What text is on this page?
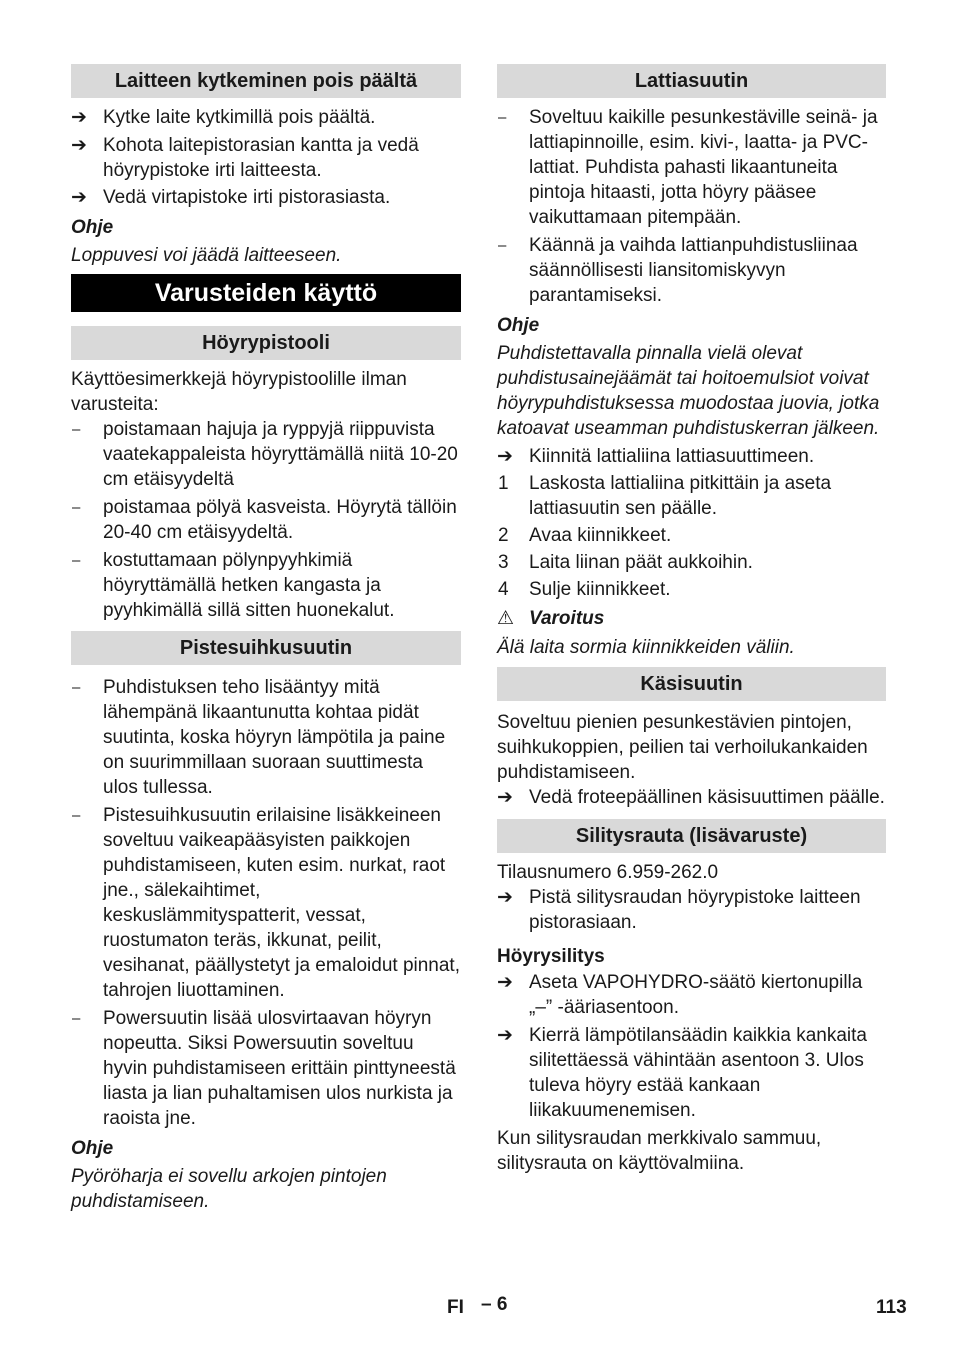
Laitteen kytkeminen pois päältä
➔ Kytke laite kytkimillä pois päältä.
➔ Kohota laitepistorasian kantta ja vedä höyrypistoke irti laitteesta.
➔ Vedä virtapistoke irti pistorasiasta.
Ohje
Loppuvesi voi jäädä laitteeseen.
Varusteiden käyttö
Höyrypistooli
Käyttöesimerkkejä höyrypistoolille ilman varusteita:
–	poistamaan hajuja ja ryppyjä riippuvista vaatekappaleista höyryttämällä niitä 10-20 cm etäisyydeltä
–	poistamaa pölyä kasveista. Höyrytä tällöin 20-40 cm etäisyydeltä.
–	kostuttamaan pölynpyyhkimiä höyryttämällä hetken kangasta ja pyyhkimällä sillä sitten huonekalut.
Pistesuihkusuutin
–	Puhdistuksen teho lisääntyy mitä lähempänä likaantunutta kohtaa pidät suutinta, koska höyryn lämpötila ja paine on suurimmillaan suoraan suuttimesta ulos tullessa.
–	Pistesuihkusuutin erilaisine lisäkkeineen soveltuu vaikeapääsyisten paikkojen puhdistamiseen, kuten esim. nurkat, raot jne., sälekaihtimet, keskuslämmityspatterit, vessat, ruostumaton teräs, ikkunat, peilit, vesihanat, päällystetyt ja emaloidut pinnat, tahrojen liuottaminen.
–	Powersuutin lisää ulosvirtaavan höyryn nopeutta. Siksi Powersuutin soveltuu hyvin puhdistamiseen erittäin pinttyneestä liasta ja lian puhaltamisen ulos nurkista ja raoista jne.
Ohje
Pyöröharja ei sovellu arkojen pintojen puhdistamiseen.
Lattiasuutin
–	Soveltuu kaikille pesunkestäville seinä- ja lattiapinnoille, esim. kivi-, laatta- ja PVC-lattiat. Puhdista pahasti likaantuneita pintoja hitaasti, jotta höyry pääsee vaikuttamaan pitempään.
–	Käännä ja vaihda lattianpuhdistusliinaa säännöllisesti liansitomiskyvyn parantamiseksi.
Ohje
Puhdistettavalla pinnalla vielä olevat puhdistusainejäämät tai hoitoemulsiot voivat höyrypuhdistuksessa muodostaa juovia, jotka katoavat useamman puhdistuskerran jälkeen.
➔ Kiinnitä lattialiina lattiasuuttimeen.
1	Laskosta lattialiina pitkittäin ja aseta lattiasuutin sen päälle.
2	Avaa kiinnikkeet.
3	Laita liinan päät aukkoihin.
4	Sulje kiinnikkeet.
⚠ Varoitus
Älä laita sormia kiinnikkeiden väliin.
Käsisuutin
Soveltuu pienien pesunkestävien pintojen, suihkukoppien, peilien tai verhoilukankaiden puhdistamiseen.
➔ Vedä froteepäällinen käsisuuttimen päälle.
Silitysrauta (lisävaruste)
Tilausnumero 6.959-262.0
➔ Pistä silitysraudan höyrypistoke laitteen pistorasiaan.
Höyrysilitys
➔ Aseta VAPOHYDRO-säätö kiertonupilla „–” -ääriasentoon.
➔ Kierrä lämpötilansäädin kaikkia kankaita silitettäessä vähintään asentoon 3. Ulos tuleva höyry estää kankaan liikakuumenemisen.
Kun silitysraudan merkkivalo sammuu, silitysrauta on käyttövalmiina.
FI – 6	113
